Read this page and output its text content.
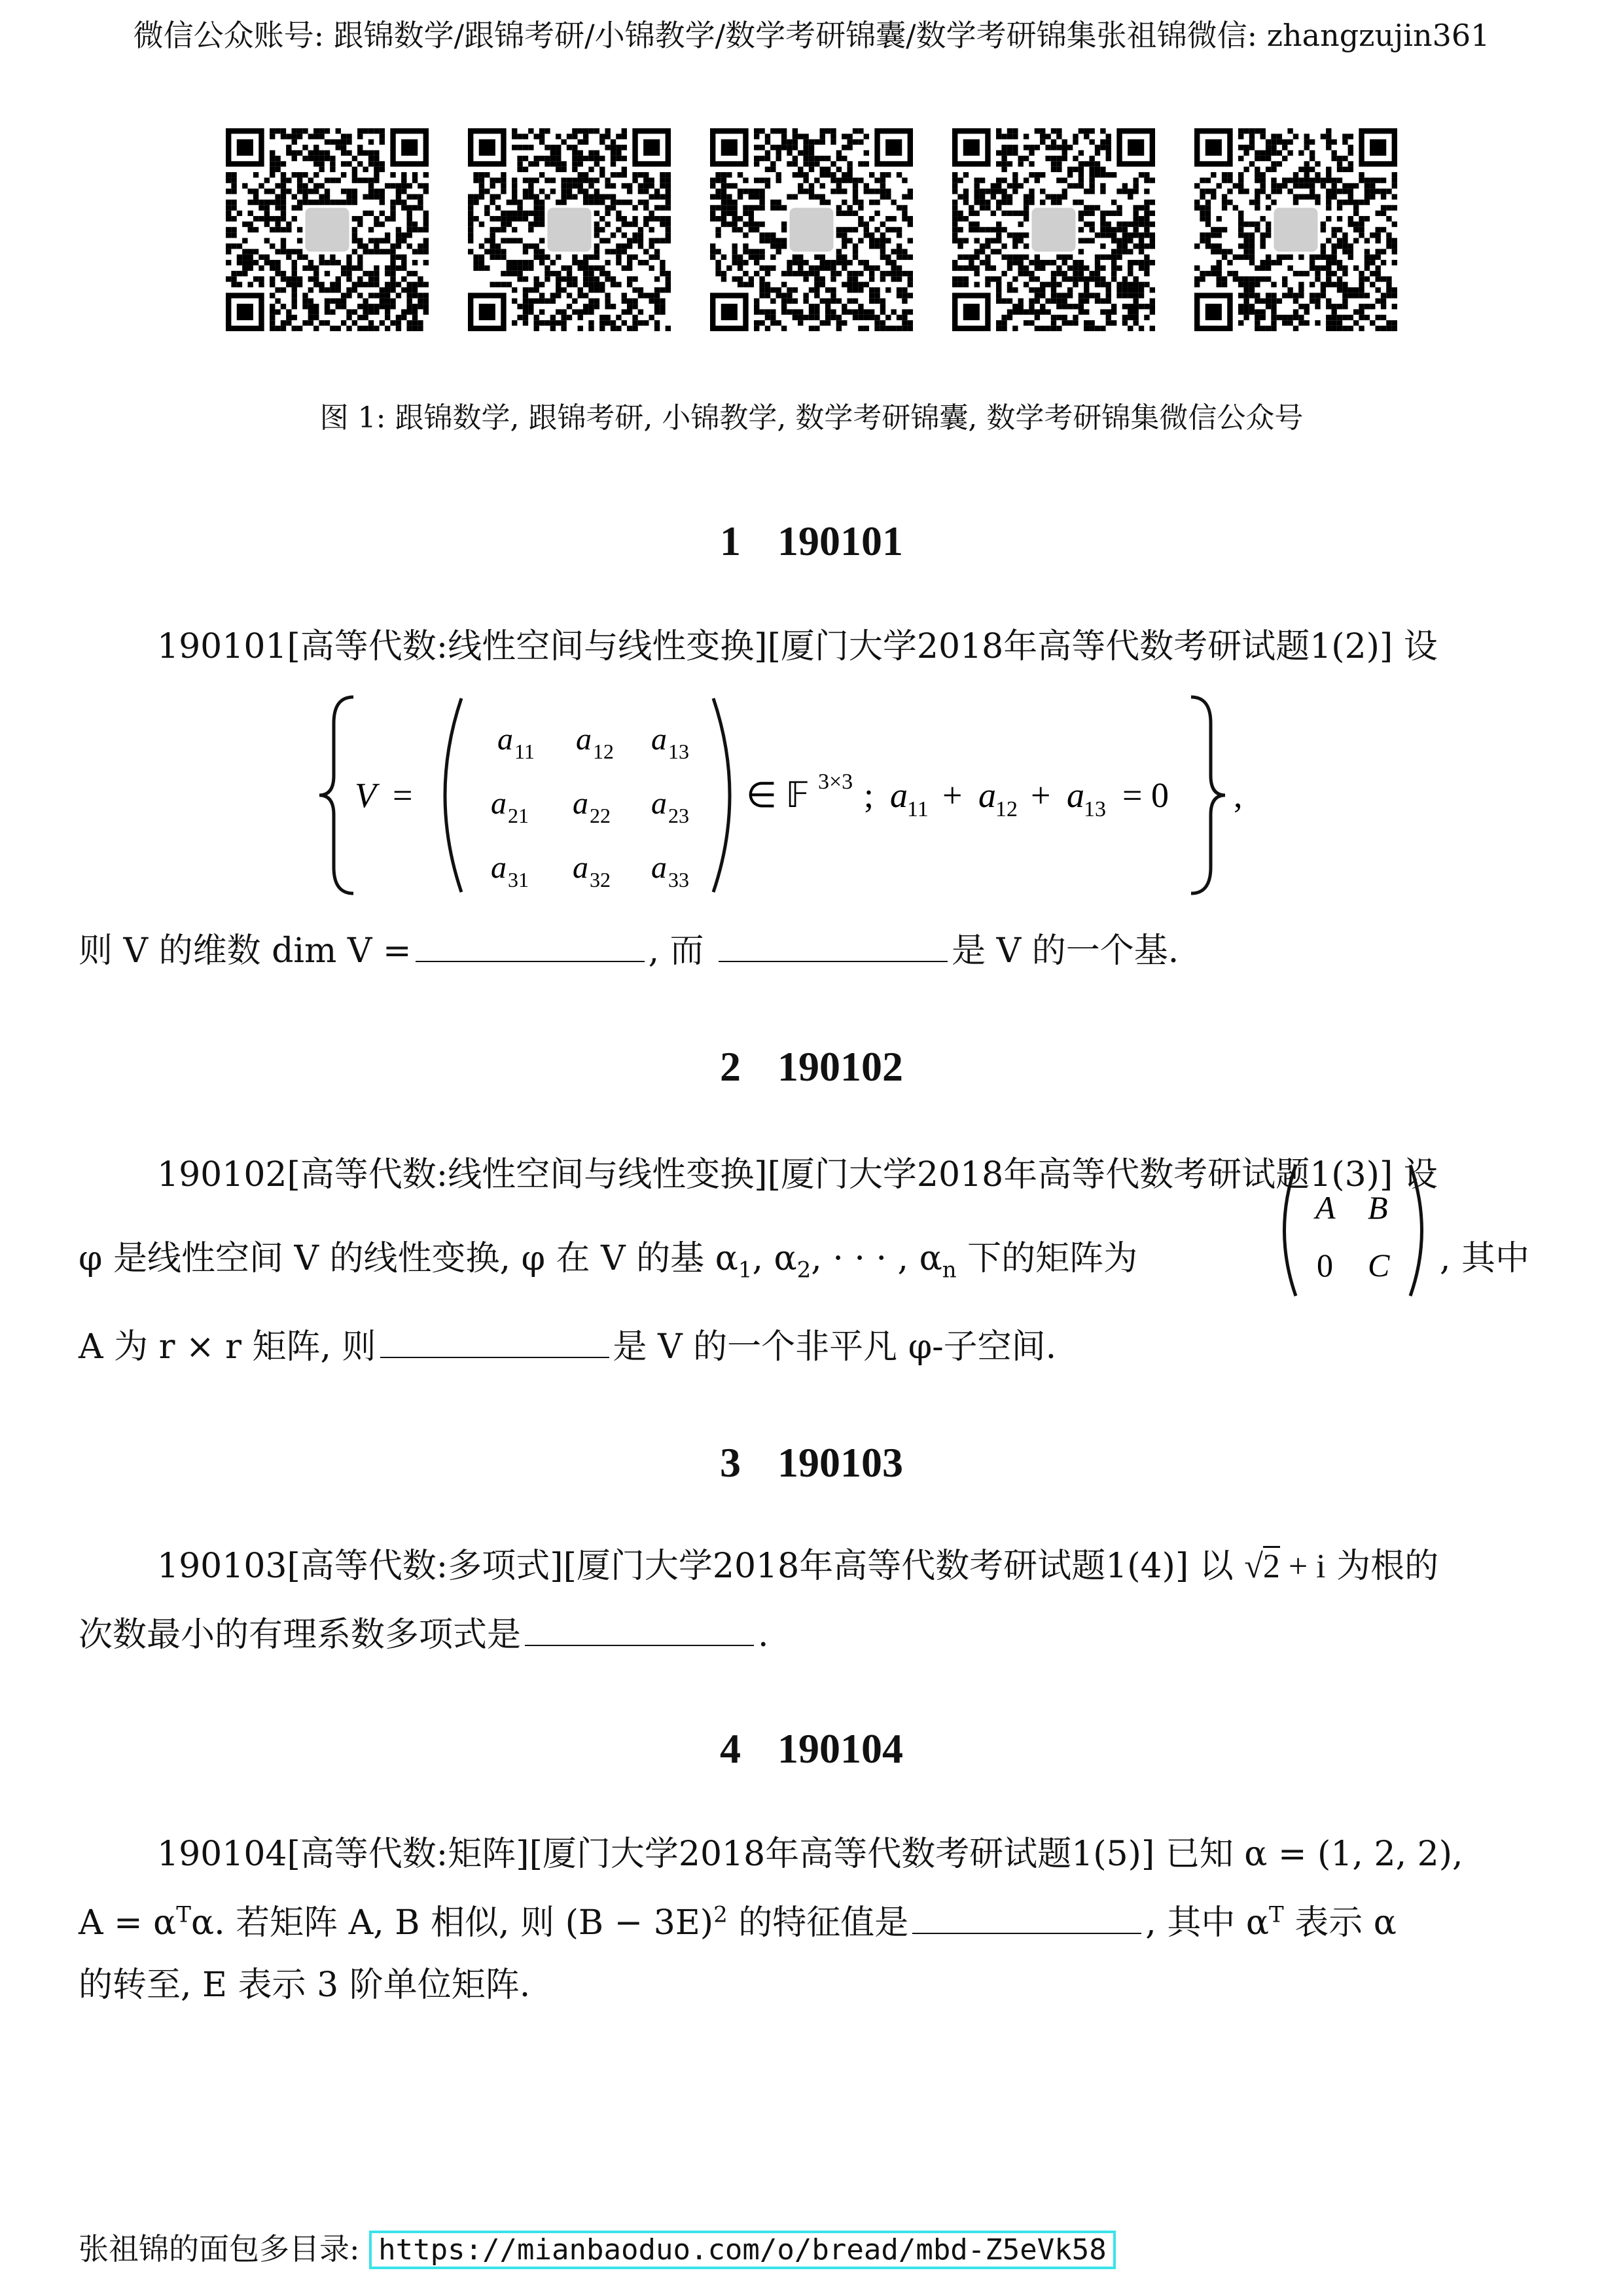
微信公众账号: 跟锦数学/跟锦考研/小锦教学/数学考研锦囊/数学考研锦集张祖锦微信: zhangzujin361
图 1: 跟锦数学, 跟锦考研, 小锦教学, 数学考研锦囊, 数学考研锦集微信公众号
1 190101
190101[高等代数:线性空间与线性变换][厦门大学2018年高等代数考研试题1(2)] 设
V =
a 11 a 12 a 13
a 21 a 22 a 23
a 31 a 32 a 33
∈ 𝔽 3×3 ; a 11 + a 12 + a 13 = 0 ,
则 V 的维数 dim V =	, 而	是 V 的一个基.
2 190102
190102[高等代数:线性空间与线性变换][厦门大学2018年高等代数考研试题1(3)] 设
φ 是线性空间 V 的线性变换, φ 在 V 的基 $\alpha_1$, $\alpha_2$, · · · , $\alpha_n$ 下的矩阵为
A B
0 C , 其中
A 为 r × r 矩阵, 则	是 V 的一个非平凡 φ-子空间.
3 190103
190103[高等代数:多项式][厦门大学2018年高等代数考研试题1(4)] 以 √2 + i 为根的
次数最小的有理系数多项式是	.
4 190104
190104[高等代数:矩阵][厦门大学2018年高等代数考研试题1(5)] 已知 α = (1, 2, 2),
$A = \alpha^T\alpha$. 若矩阵 A, B 相似, 则 $(B - 3E)^2$ 的特征值是	, 其中 $\alpha^T$ 表示 α
的转至, E 表示 3 阶单位矩阵.
张祖锦的面包多目录: https://mianbaoduo.com/o/bread/mbd-Z5eVk58
